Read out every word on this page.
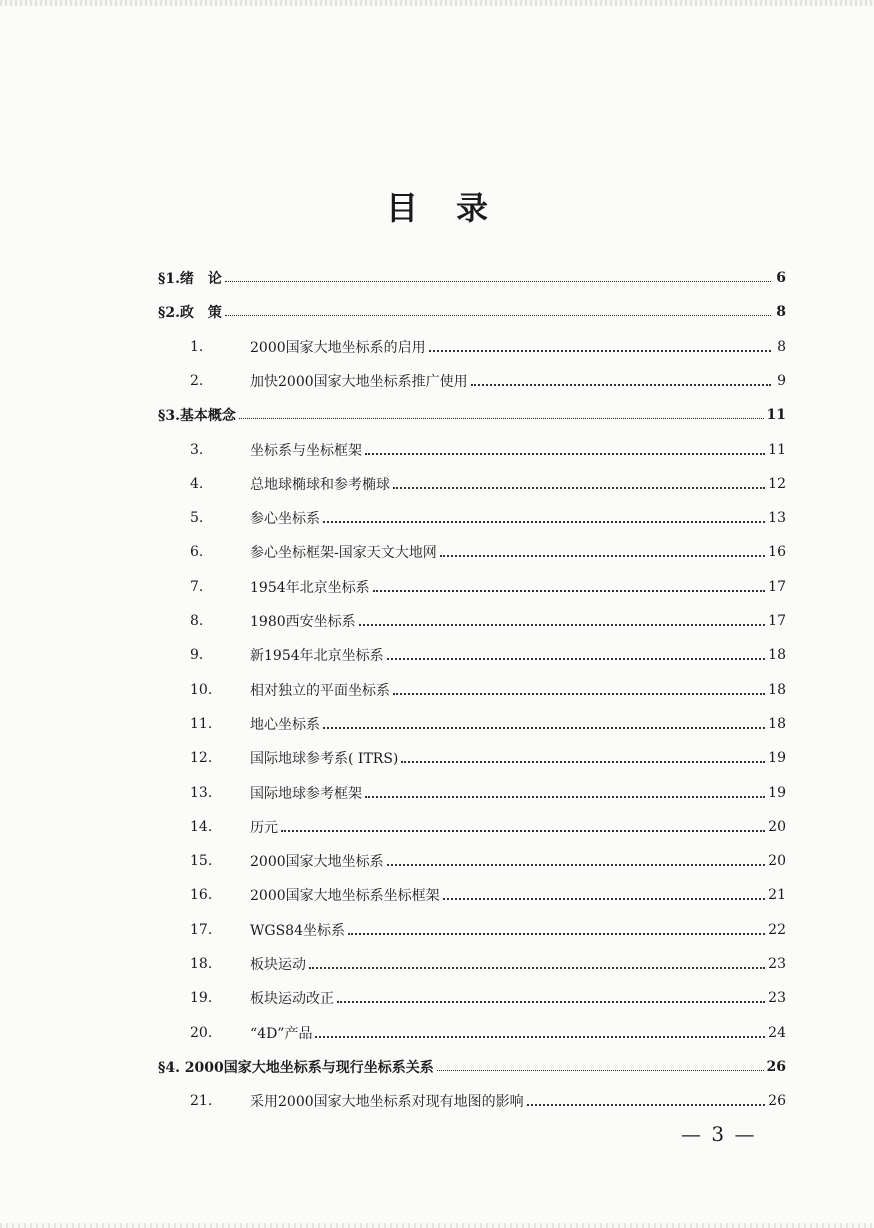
目录
§1.绪　论	6
§2.政　策	8
1.	2000国家大地坐标系的启用	8
2.	加快2000国家大地坐标系推广使用	9
§3.基本概念	11
3.	坐标系与坐标框架	11
4.	总地球椭球和参考椭球	12
5.	参心坐标系	13
6.	参心坐标框架-国家天文大地网	16
7.	1954年北京坐标系	17
8.	1980西安坐标系	17
9.	新1954年北京坐标系	18
10.	相对独立的平面坐标系	18
11.	地心坐标系	18
12.	国际地球参考系( ITRS)	19
13.	国际地球参考框架	19
14.	历元	20
15.	2000国家大地坐标系	20
16.	2000国家大地坐标系坐标框架	21
17.	WGS84坐标系	22
18.	板块运动	23
19.	板块运动改正	23
20.	“4D”产品	24
§4. 2000国家大地坐标系与现行坐标系关系	26
21.	采用2000国家大地坐标系对现有地图的影响	26
— 3 —
